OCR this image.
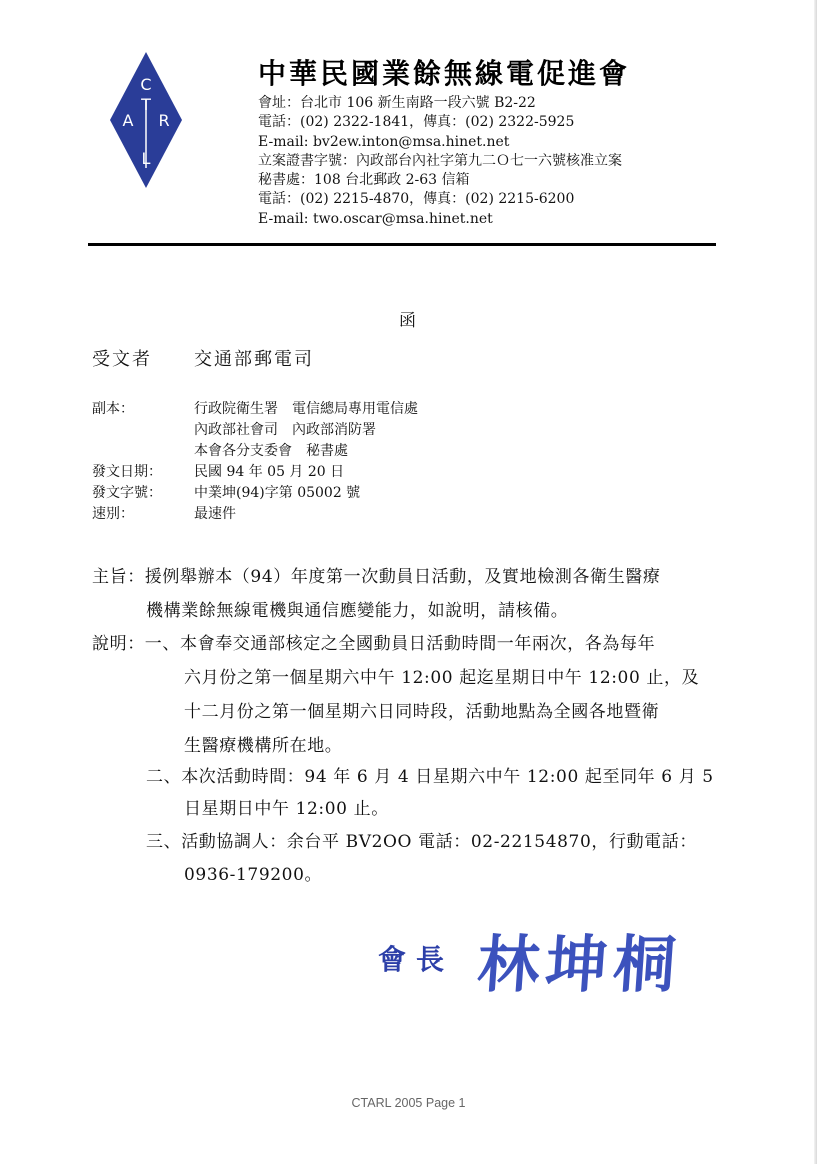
C
T
A R
L
中華民國業餘無線電促進會
會址：台北市 106 新生南路一段六號 B2-22
電話：(02) 2322-1841，傳真：(02) 2322-5925
E-mail: bv2ew.inton@msa.hinet.net
立案證書字號：內政部台內社字第九二Ｏ七一六號核准立案
秘書處：108 台北郵政 2-63 信箱
電話：(02) 2215-4870，傳真：(02) 2215-6200
E-mail: two.oscar@msa.hinet.net
函
受文者 交通部郵電司
副本：	行政院衛生署　電信總局專用電信處
內政部社會司　內政部消防署
本會各分支委會　秘書處
發文日期： 民國 94 年 05 月 20 日
發文字號： 中業坤(94)字第 05002 號
速別：	最速件
主旨：援例舉辦本（94）年度第一次動員日活動，及實地檢測各衛生醫療
機構業餘無線電機與通信應變能力，如說明，請核備。
說明：一、本會奉交通部核定之全國動員日活動時間一年兩次，各為每年
六月份之第一個星期六中午 12:00 起迄星期日中午 12:00 止，及
十二月份之第一個星期六日同時段，活動地點為全國各地暨衛
生醫療機構所在地。
二、本次活動時間：94 年 6 月 4 日星期六中午 12:00 起至同年 6 月 5
日星期日中午 12:00 止。
三、活動協調人：余台平 BV2OO 電話：02-22154870，行動電話：
0936-179200。
會長 林坤桐
CTARL 2005 Page 1
